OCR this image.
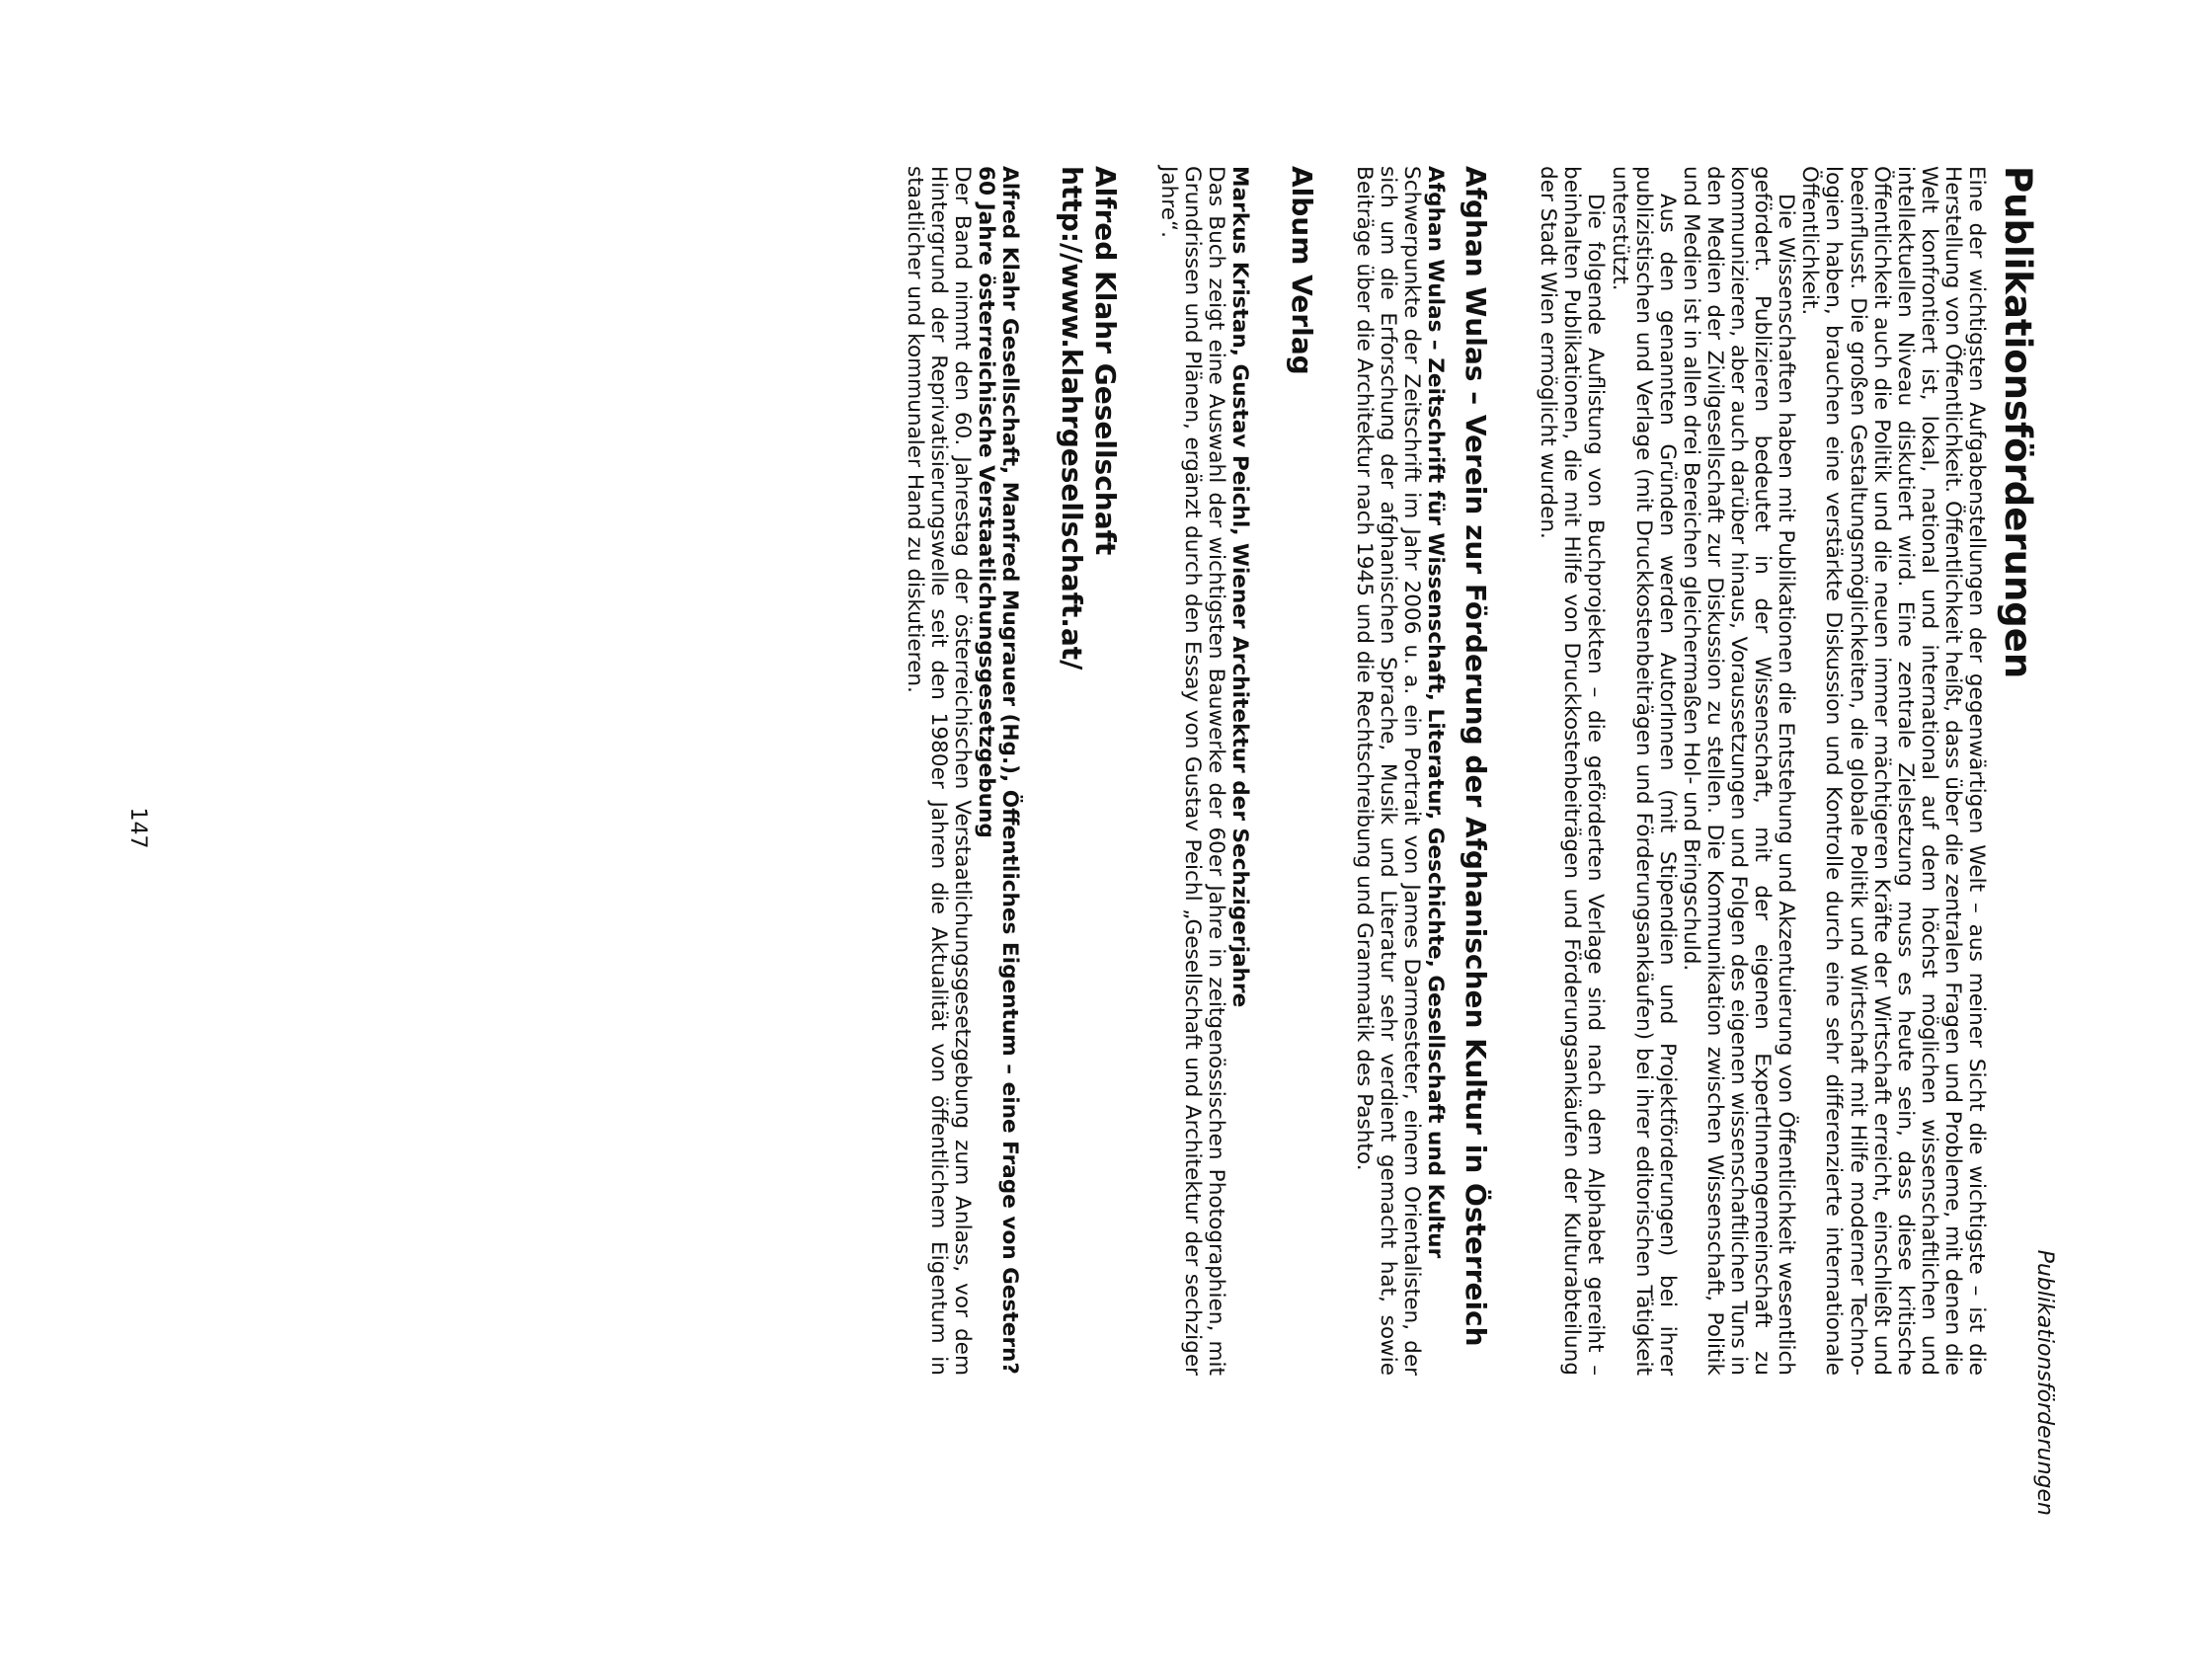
Publikationsförderungen
Publikationsförderungen

Eine der wichtigsten Aufgabenstellungen der gegenwärtigen Welt – aus meiner Sicht die wichtigste – ist die Herstellung von Öffentlichkeit. Öffentlichkeit heißt, dass über die zentralen Fragen und Probleme, mit denen die Welt konfrontiert ist, lokal, national und international auf dem höchst möglichen wissenschaftlichen und intellektuellen Niveau diskutiert wird. Eine zentrale Zielsetzung muss es heute sein, dass diese kritische Öffentlichkeit auch die Politik und die neuen immer mächtigeren Kräfte der Wirtschaft erreicht, einschließt und beeinflusst. Die großen Gestaltungsmöglichkeiten, die globale Politik und Wirtschaft mit Hilfe moderner Technologien haben, brauchen eine verstärkte Diskussion und Kontrolle durch eine sehr differenzierte internationale Öffentlichkeit.

Die Wissenschaften haben mit Publikationen die Entstehung und Akzentuierung von Öffentlichkeit wesentlich gefördert. Publizieren bedeutet in der Wissenschaft, mit der eigenen ExpertInnengemeinschaft zu kommunizieren, aber auch darüber hinaus, Voraussetzungen und Folgen des eigenen wissenschaftlichen Tuns in den Medien der Zivilgesellschaft zur Diskussion zu stellen. Die Kommunikation zwischen Wissenschaft, Politik und Medien ist in allen drei Bereichen gleichermaßen Hol- und Bringschuld.

Aus den genannten Gründen werden AutorInnen (mit Stipendien und Projektförderungen) bei ihrer publizistischen und Verlage (mit Druckkostenbeiträgen und Förderungsankäufen) bei ihrer editorischen Tätigkeit unterstützt.

Die folgende Auflistung von Buchprojekten – die geförderten Verlage sind nach dem Alphabet gereiht – beinhalten Publikationen, die mit Hilfe von Druckkostenbeiträgen und Förderungsankäufen der Kulturabteilung der Stadt Wien ermöglicht wurden.

Afghan Wulas – Verein zur Förderung der Afghanischen Kultur in Österreich
Afghan Wulas – Zeitschrift für Wissenschaft, Literatur, Geschichte, Gesellschaft und Kultur

Schwerpunkte der Zeitschrift im Jahr 2006 u. a. ein Portrait von James Darmesteter, einem Orientalisten, der sich um die Erforschung der afghanischen Sprache, Musik und Literatur sehr verdient gemacht hat, sowie Beiträge über die Architektur nach 1945 und die Rechtschreibung und Grammatik des Pashto.

Album Verlag
Markus Kristan, Gustav Peichl, Wiener Architektur der Sechzigerjahre

Das Buch zeigt eine Auswahl der wichtigsten Bauwerke der 60er Jahre in zeitgenössischen Photographien, mit Grundrissen und Plänen, ergänzt durch den Essay von Gustav Peichl „Gesellschaft und Architektur der sechziger Jahre“.

Alfred Klahr Gesellschaft
http://www.klahrgesellschaft.at/
Alfred Klahr Gesellschaft, Manfred Mugrauer (Hg.), Öffentliches Eigentum – eine Frage von Gestern? 60 Jahre österreichische Verstaatlichungsgesetzgebung

Der Band nimmt den 60. Jahrestag der österreichischen Verstaatlichungsgesetzgebung zum Anlass, vor dem Hintergrund der Reprivatisierungswelle seit den 1980er Jahren die Aktualität von öffentlichem Eigentum in staatlicher und kommunaler Hand zu diskutieren.

147
